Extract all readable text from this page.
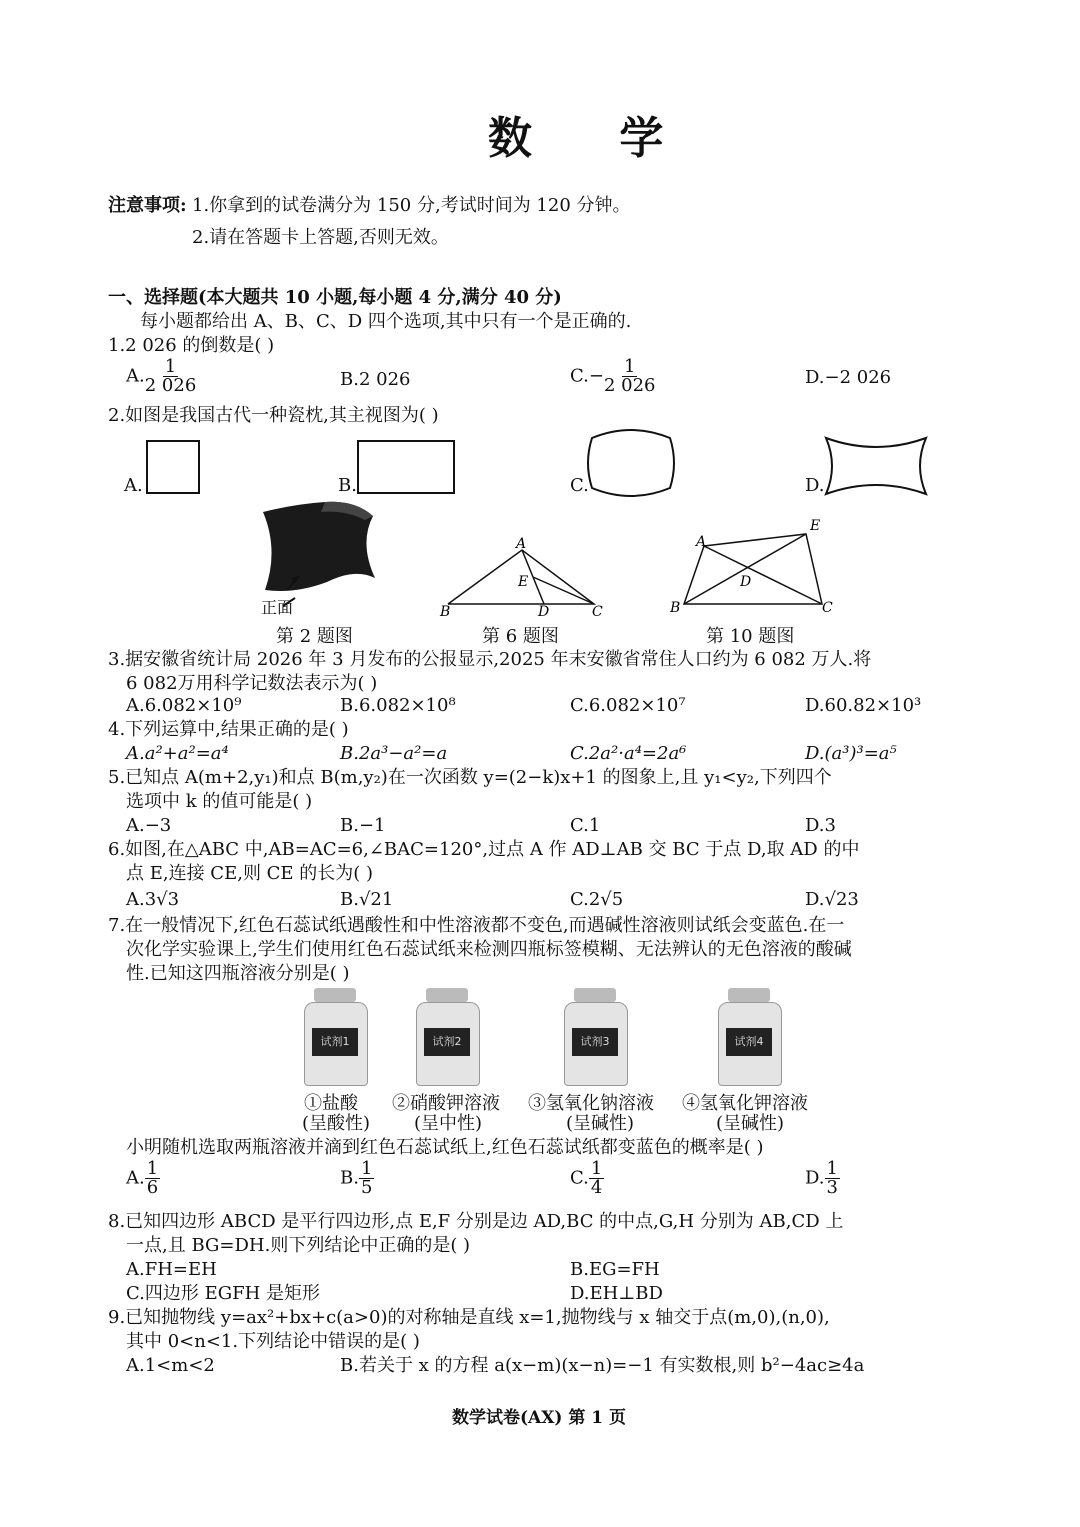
数 学
注意事项: 1.你拿到的试卷满分为 150 分,考试时间为 120 分钟。
2.请在答题卡上答题,否则无效。
一、选择题(本大题共 10 小题,每小题 4 分,满分 40 分)
每小题都给出 A、B、C、D 四个选项,其中只有一个是正确的.
1.2 026 的倒数是( )
A. $\frac{1}{2 026}$	B.2 026	$C.- \frac{1}{2 026}$	D.−2 026
2.如图是我国古代一种瓷枕,其主视图为( )
A.	B.	C.	D.
正面
第 2 题图
A
E
B	D	C
第 6 题图
A
E
D
B	C
第 10 题图
3.据安徽省统计局 2026 年 3 月发布的公报显示,2025 年末安徽省常住人口约为 6 082 万人.将
6 082万用科学记数法表示为( )
A.6.082×10⁹	B.6.082×10⁸	C.6.082×10⁷	D.60.82×10³
4.下列运算中,结果正确的是( )
A.a²+a²=a⁴	B.2a³−a²=a	C.2a²·a⁴=2a⁶	D.(a³)³=a⁵
5.已知点 A(m+2,y₁)和点 B(m,y₂)在一次函数 y=(2−k)x+1 的图象上,且 y₁<y₂,下列四个
选项中 k 的值可能是( )
A.−3	B.−1	C.1	D.3
6.如图,在△ABC 中,AB=AC=6,∠BAC=120°,过点 A 作 AD⊥AB 交 BC 于点 D,取 AD 的中
点 E,连接 CE,则 CE 的长为( )
A.3√3	B.√21	C.2√5	D.√23
7.在一般情况下,红色石蕊试纸遇酸性和中性溶液都不变色,而遇碱性溶液则试纸会变蓝色.在一
次化学实验课上,学生们使用红色石蕊试纸来检测四瓶标签模糊、无法辨认的无色溶液的酸碱
性.已知这四瓶溶液分别是( )
试剂1	试剂2	试剂3	试剂4
①盐酸
(呈酸性)
②硝酸钾溶液
(呈中性)
③氢氧化钠溶液
(呈碱性)
④氢氧化钾溶液
(呈碱性)
小明随机选取两瓶溶液并滴到红色石蕊试纸上,红色石蕊试纸都变蓝色的概率是( )
A. $\frac{1}{6}$	B. $\frac{1}{5}$	C. $\frac{1}{4}$	D. $\frac{1}{3}$
8.已知四边形 ABCD 是平行四边形,点 E,F 分别是边 AD,BC 的中点,G,H 分别为 AB,CD 上
一点,且 BG=DH.则下列结论中正确的是( )
A.FH=EH	B.EG=FH
C.四边形 EGFH 是矩形	D.EH⊥BD
9.已知抛物线 y=ax²+bx+c(a>0)的对称轴是直线 x=1,抛物线与 x 轴交于点(m,0),(n,0),
其中 0<n<1.下列结论中错误的是( )
A.1<m<2	B.若关于 x 的方程 a(x−m)(x−n)=−1 有实数根,则 b²−4ac≥4a
数学试卷(AX) 第 1 页
